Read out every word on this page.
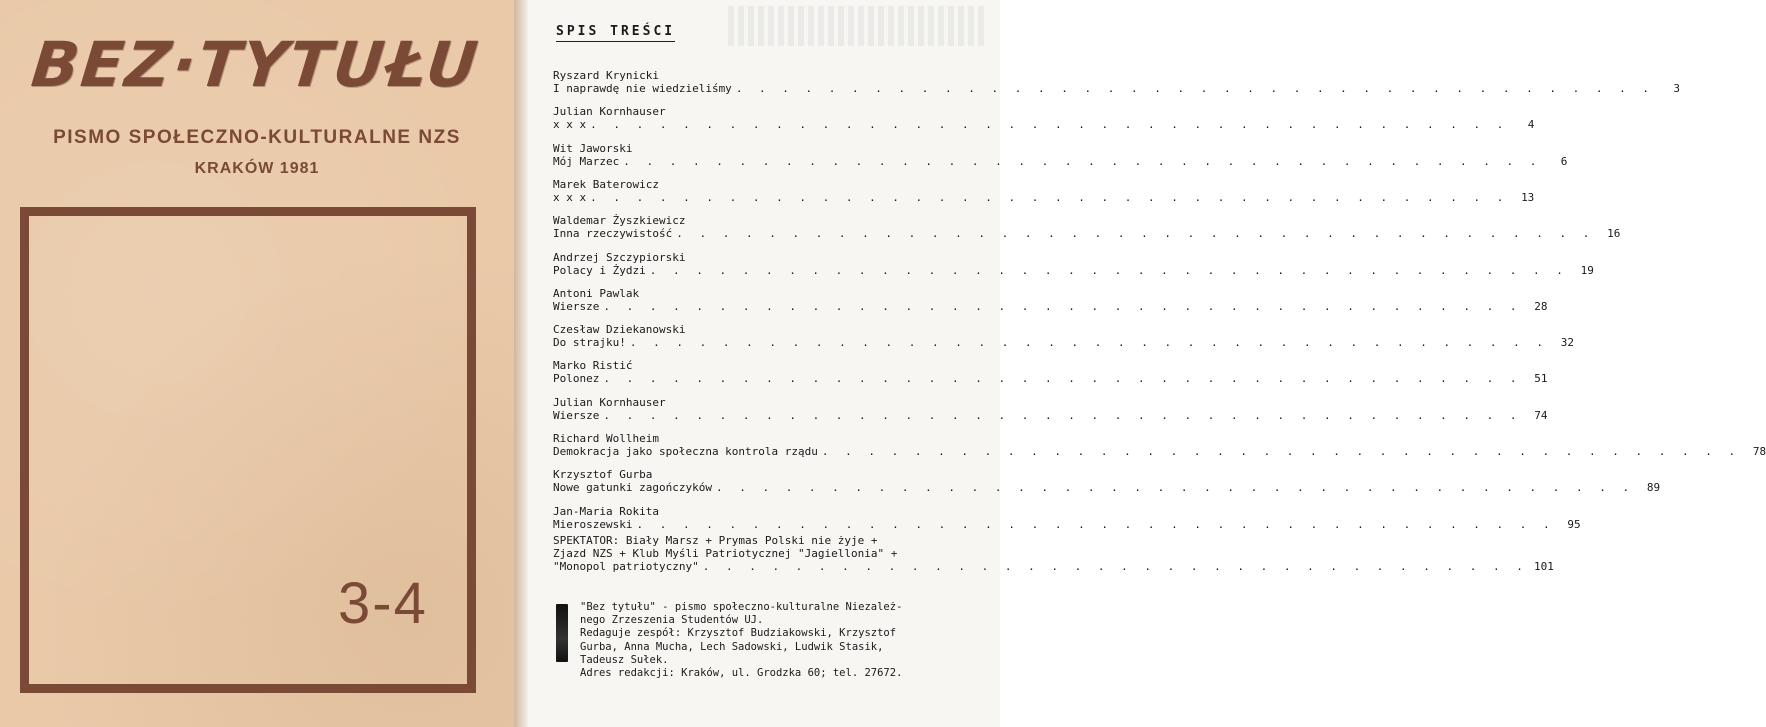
BEZ·TYTUŁU
PISMO SPOŁECZNO-KULTURALNE NZS
KRAKÓW 1981
3-4
SPIS TREŚCI
Ryszard Krynicki
I naprawdę nie wiedzieliśmy . . . . . . . . . . . . . . . . . . . . . . . . . . . . . . . . . . . . . . . .	3
Julian Kornhauser
x x x . . . . . . . . . . . . . . . . . . . . . . . . . . . . . . . . . . . . . . . .	4
Wit Jaworski
Mój Marzec . . . . . . . . . . . . . . . . . . . . . . . . . . . . . . . . . . . . . . . .	6
Marek Baterowicz
x x x . . . . . . . . . . . . . . . . . . . . . . . . . . . . . . . . . . . . . . . .	13
Waldemar Żyszkiewicz
Inna rzeczywistość . . . . . . . . . . . . . . . . . . . . . . . . . . . . . . . . . . . . . . . .	16
Andrzej Szczypiorski
Polacy i Żydzi . . . . . . . . . . . . . . . . . . . . . . . . . . . . . . . . . . . . . . . .	19
Antoni Pawlak
Wiersze . . . . . . . . . . . . . . . . . . . . . . . . . . . . . . . . . . . . . . . .	28
Czesław Dziekanowski
Do strajku! . . . . . . . . . . . . . . . . . . . . . . . . . . . . . . . . . . . . . . . .	32
Marko Ristić
Polonez . . . . . . . . . . . . . . . . . . . . . . . . . . . . . . . . . . . . . . . .	51
Julian Kornhauser
Wiersze . . . . . . . . . . . . . . . . . . . . . . . . . . . . . . . . . . . . . . . .	74
Richard Wollheim
Demokracja jako społeczna kontrola rządu . . . . . . . . . . . . . . . . . . . . . . . . . . . . . . . . . . . . . . . .	78
Krzysztof Gurba
Nowe gatunki zagończyków . . . . . . . . . . . . . . . . . . . . . . . . . . . . . . . . . . . . . . . .	89
Jan-Maria Rokita
Mieroszewski . . . . . . . . . . . . . . . . . . . . . . . . . . . . . . . . . . . . . . . .	95
SPEKTATOR: Biały Marsz + Prymas Polski nie żyje +
Zjazd NZS + Klub Myśli Patriotycznej "Jagiellonia" +
"Monopol patriotyczny" . . . . . . . . . . . . . . . . . . . . . . . . . . . . . . . . . . . . 101
"Bez tytułu" - pismo społeczno-kulturalne Niezależ-
nego Zrzeszenia Studentów UJ.
Redaguje zespół: Krzysztof Budziakowski, Krzysztof
Gurba, Anna Mucha, Lech Sadowski, Ludwik Stasik,
Tadeusz Sułek.
Adres redakcji: Kraków, ul. Grodzka 60; tel. 27672.
